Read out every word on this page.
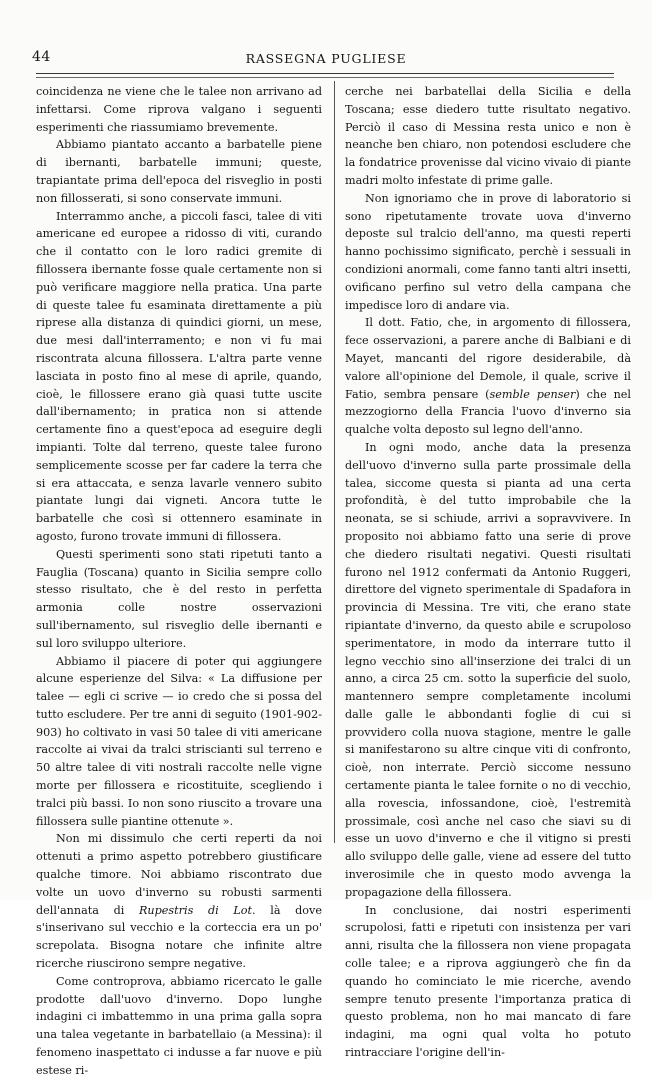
44	RASSEGNA PUGLIESE

coincidenza ne viene che le talee non arrivano ad infettarsi. Come riprova valgano i seguenti esperimenti che riassumiamo brevemente.

Abbiamo piantato accanto a barbatelle piene di ibernanti, barbatelle immuni; queste, trapiantate prima dell'epoca del risveglio in posti non fillosserati, si sono conservate immuni.

Interrammo anche, a piccoli fasci, talee di viti americane ed europee a ridosso di viti, curando che il contatto con le loro radici gremite di fillossera ibernante fosse quale certamente non si può verificare maggiore nella pratica. Una parte di queste talee fu esaminata direttamente a più riprese alla distanza di quindici giorni, un mese, due mesi dall'interramento; e non vi fu mai riscontrata alcuna fillossera. L'altra parte venne lasciata in posto fino al mese di aprile, quando, cioè, le fillossere erano già quasi tutte uscite dall'ibernamento; in pratica non si attende certamente fino a quest'epoca ad eseguire degli impianti. Tolte dal terreno, queste talee furono semplicemente scosse per far cadere la terra che si era attaccata, e senza lavarle vennero subito piantate lungi dai vigneti. Ancora tutte le barbatelle che così si ottennero esaminate in agosto, furono trovate immuni di fillossera.

Questi sperimenti sono stati ripetuti tanto a Fauglia (Toscana) quanto in Sicilia sempre collo stesso risultato, che è del resto in perfetta armonia colle nostre osservazioni sull'ibernamento, sul risveglio delle ibernanti e sul loro sviluppo ulteriore.

Abbiamo il piacere di poter qui aggiungere alcune esperienze del Silva: « La diffusione per talee — egli ci scrive — io credo che si possa del tutto escludere. Per tre anni di seguito (1901-902-903) ho coltivato in vasi 50 talee di viti americane raccolte ai vivai da tralci striscianti sul terreno e 50 altre talee di viti nostrali raccolte nelle vigne morte per fillossera e ricostituite, scegliendo i tralci più bassi. Io non sono riuscito a trovare una fillossera sulle piantine ottenute ».

Non mi dissimulo che certi reperti da noi ottenuti a primo aspetto potrebbero giustificare qualche timore. Noi abbiamo riscontrato due volte un uovo d'inverno su robusti sarmenti dell'annata di Rupestris di Lot. là dove s'inserivano sul vecchio e la corteccia era un po' screpolata. Bisogna notare che infinite altre ricerche riuscirono sempre negative.

Come controprova, abbiamo ricercato le galle prodotte dall'uovo d'inverno. Dopo lunghe indagini ci imbattemmo in una prima galla sopra una talea vegetante in barbatellaio (a Messina): il fenomeno inaspettato ci indusse a far nuove e più estese ri-

cerche nei barbatellai della Sicilia e della Toscana; esse diedero tutte risultato negativo. Perciò il caso di Messina resta unico e non è neanche ben chiaro, non potendosi escludere che la fondatrice provenisse dal vicino vivaio di piante madri molto infestate di prime galle.

Non ignoriamo che in prove di laboratorio si sono ripetutamente trovate uova d'inverno deposte sul tralcio dell'anno, ma questi reperti hanno pochissimo significato, perchè i sessuali in condizioni anormali, come fanno tanti altri insetti, ovificano perfino sul vetro della campana che impedisce loro di andare via.

Il dott. Fatio, che, in argomento di fillossera, fece osservazioni, a parere anche di Balbiani e di Mayet, mancanti del rigore desiderabile, dà valore all'opinione del Demole, il quale, scrive il Fatio, sembra pensare (semble penser) che nel mezzogiorno della Francia l'uovo d'inverno sia qualche volta deposto sul legno dell'anno.

In ogni modo, anche data la presenza dell'uovo d'inverno sulla parte prossimale della talea, siccome questa si pianta ad una certa profondità, è del tutto improbabile che la neonata, se si schiude, arrivi a sopravvivere. In proposito noi abbiamo fatto una serie di prove che diedero risultati negativi. Questi risultati furono nel 1912 confermati da Antonio Ruggeri, direttore del vigneto sperimentale di Spadafora in provincia di Messina. Tre viti, che erano state ripiantate d'inverno, da questo abile e scrupoloso sperimentatore, in modo da interrare tutto il legno vecchio sino all'inserzione dei tralci di un anno, a circa 25 cm. sotto la superficie del suolo, mantennero sempre completamente incolumi dalle galle le abbondanti foglie di cui si provvidero colla nuova stagione, mentre le galle si manifestarono su altre cinque viti di confronto, cioè, non interrate. Perciò siccome nessuno certamente pianta le talee fornite o no di vecchio, alla rovescia, infossandone, cioè, l'estremità prossimale, così anche nel caso che siavi su di esse un uovo d'inverno e che il vitigno si presti allo sviluppo delle galle, viene ad essere del tutto inverosimile che in questo modo avvenga la propagazione della fillossera.

In conclusione, dai nostri esperimenti scrupolosi, fatti e ripetuti con insistenza per vari anni, risulta che la fillossera non viene propagata colle talee; e a riprova aggiungerò che fin da quando ho cominciato le mie ricerche, avendo sempre tenuto presente l'importanza pratica di questo problema, non ho mai mancato di fare indagini, ma ogni qual volta ho potuto rintracciare l'origine dell'in-
